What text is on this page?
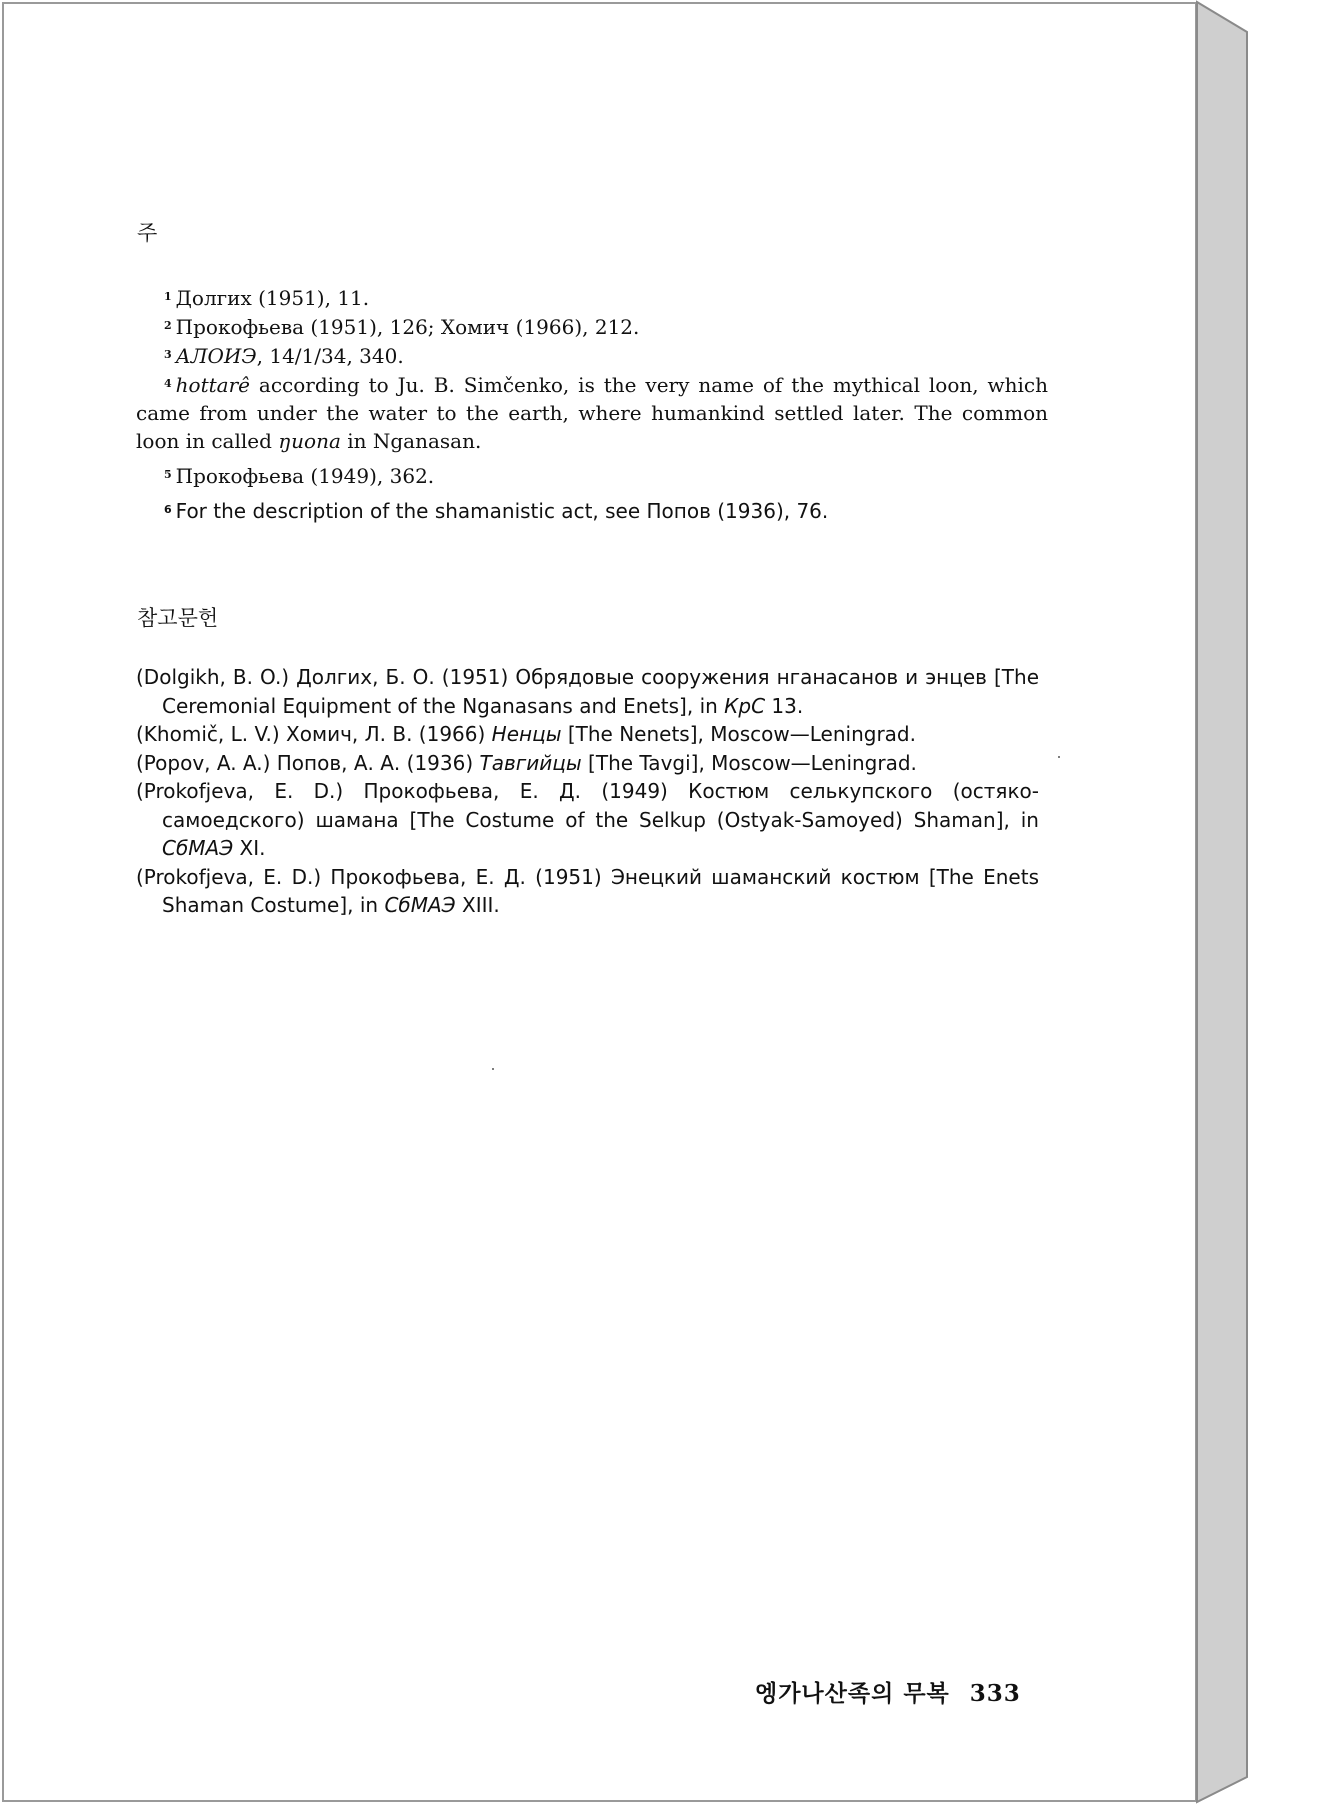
주

$^1$ Долгих (1951), 11.

$^2$ Прокофьева (1951), 126; Хомич (1966), 212.

$^3$ АЛОИЭ, 14/1/34, 340.

$^4$ hottarê according to Ju. B. Simčenko, is the very name of the mythical loon, which came from under the water to the earth, where humankind settled later. The common loon in called ŋuona in Nganasan.

$^5$ Прокофьева (1949), 362.

$^6$ For the description of the shamanistic act, see Попов (1936), 76.

참고문헌

(Dolgikh, B. O.) Долгих, Б. О. (1951) Обрядовые сооружения нганасанов и энцев [The Ceremonial Equipment of the Nganasans and Enets], in КрС 13.

(Khomič, L. V.) Хомич, Л. В. (1966) Ненцы [The Nenets], Moscow—Leningrad.

(Popov, A. A.) Попов, А. А. (1936) Тавгийцы [The Tavgi], Moscow—Leningrad.

(Prokofjeva, E. D.) Прокофьева, Е. Д. (1949) Костюм селькупского (остяко-самоедского) шамана [The Costume of the Selkup (Ostyak-Samoyed) Shaman], in СбМАЭ XI.

(Prokofjeva, E. D.) Прокофьева, Е. Д. (1951) Энецкий шаманский костюм [The Enets Shaman Costume], in СбМАЭ XIII.

엥가나산족의 무복 333
